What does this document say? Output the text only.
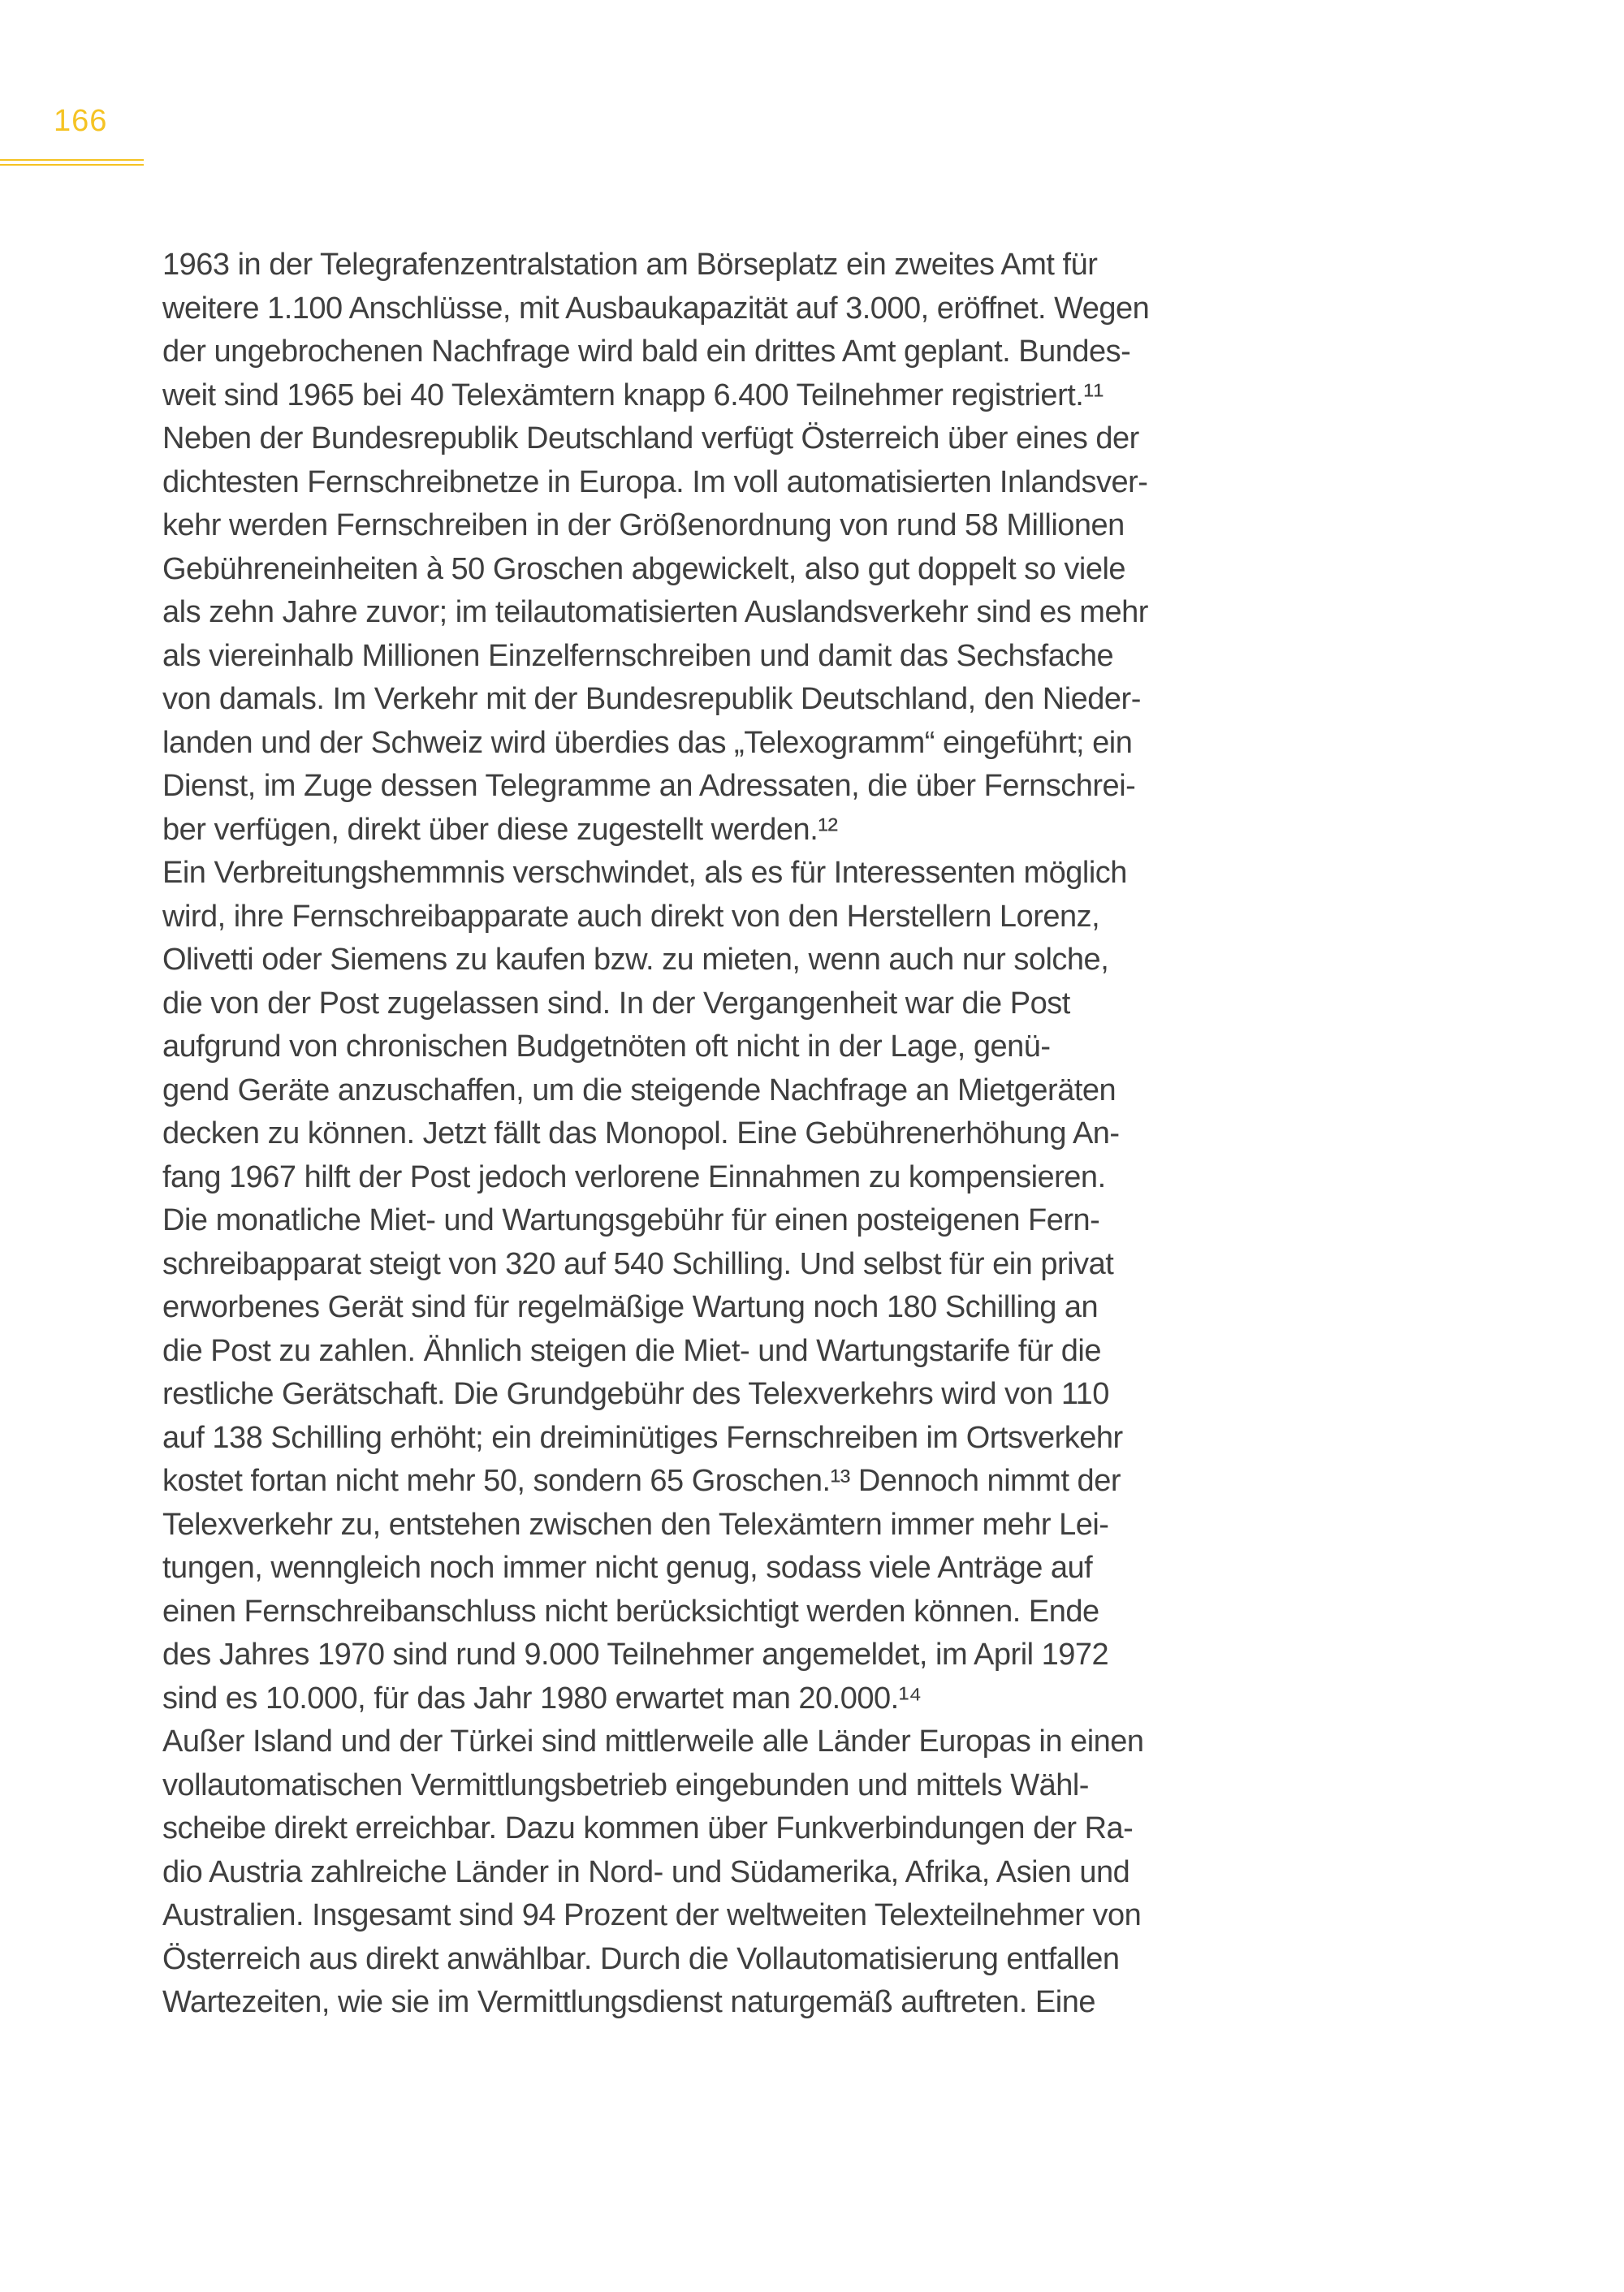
166
1963 in der Telegrafenzentralstation am Börseplatz ein zweites Amt für
weitere 1.100 Anschlüsse, mit Ausbaukapazität auf 3.000, eröffnet. Wegen
der ungebrochenen Nachfrage wird bald ein drittes Amt geplant. Bundes-
weit sind 1965 bei 40 Telexämtern knapp 6.400 Teilnehmer registriert.¹¹
Neben der Bundesrepublik Deutschland verfügt Österreich über eines der
dichtesten Fernschreibnetze in Europa. Im voll automatisierten Inlandsver-
kehr werden Fernschreiben in der Größenordnung von rund 58 Millionen
Gebühreneinheiten à 50 Groschen abgewickelt, also gut doppelt so viele
als zehn Jahre zuvor; im teilautomatisierten Auslandsverkehr sind es mehr
als viereinhalb Millionen Einzelfernschreiben und damit das Sechsfache
von damals. Im Verkehr mit der Bundesrepublik Deutschland, den Nieder-
landen und der Schweiz wird überdies das „Telexogramm“ eingeführt; ein
Dienst, im Zuge dessen Telegramme an Adressaten, die über Fernschrei-
ber verfügen, direkt über diese zugestellt werden.¹²
Ein Verbreitungshemmnis verschwindet, als es für Interessenten möglich
wird, ihre Fernschreibapparate auch direkt von den Herstellern Lorenz,
Olivetti oder Siemens zu kaufen bzw. zu mieten, wenn auch nur solche,
die von der Post zugelassen sind. In der Vergangenheit war die Post
aufgrund von chronischen Budgetnöten oft nicht in der Lage, genü-
gend Geräte anzuschaffen, um die steigende Nachfrage an Mietgeräten
decken zu können. Jetzt fällt das Monopol. Eine Gebührenerhöhung An-
fang 1967 hilft der Post jedoch verlorene Einnahmen zu kompensieren.
Die monatliche Miet- und Wartungsgebühr für einen posteigenen Fern-
schreibapparat steigt von 320 auf 540 Schilling. Und selbst für ein privat
erworbenes Gerät sind für regelmäßige Wartung noch 180 Schilling an
die Post zu zahlen. Ähnlich steigen die Miet- und Wartungstarife für die
restliche Gerätschaft. Die Grundgebühr des Telexverkehrs wird von 110
auf 138 Schilling erhöht; ein dreiminütiges Fernschreiben im Ortsverkehr
kostet fortan nicht mehr 50, sondern 65 Groschen.¹³ Dennoch nimmt der
Telexverkehr zu, entstehen zwischen den Telexämtern immer mehr Lei-
tungen, wenngleich noch immer nicht genug, sodass viele Anträge auf
einen Fernschreibanschluss nicht berücksichtigt werden können. Ende
des Jahres 1970 sind rund 9.000 Teilnehmer angemeldet, im April 1972
sind es 10.000, für das Jahr 1980 erwartet man 20.000.¹⁴
Außer Island und der Türkei sind mittlerweile alle Länder Europas in einen
vollautomatischen Vermittlungsbetrieb eingebunden und mittels Wähl-
scheibe direkt erreichbar. Dazu kommen über Funkverbindungen der Ra-
dio Austria zahlreiche Länder in Nord- und Südamerika, Afrika, Asien und
Australien. Insgesamt sind 94 Prozent der weltweiten Telexteilnehmer von
Österreich aus direkt anwählbar. Durch die Vollautomatisierung entfallen
Wartezeiten, wie sie im Vermittlungsdienst naturgemäß auftreten. Eine
